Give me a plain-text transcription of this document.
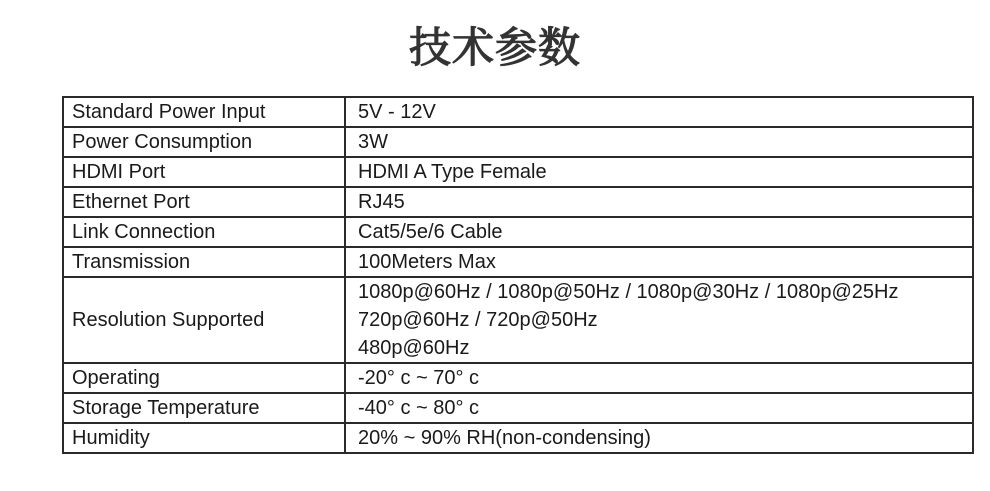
技术参数
Standard Power Input	5V - 12V
Power Consumption	3W
HDMI Port	HDMI A Type Female
Ethernet Port	RJ45
Link Connection	Cat5/5e/6 Cable
Transmission	100Meters Max
Resolution Supported	1080p@60Hz / 1080p@50Hz / 1080p@30Hz / 1080p@25Hz
720p@60Hz / 720p@50Hz
480p@60Hz

Operating	-20° c ~ 70° c
Storage Temperature	-40° c ~ 80° c
Humidity	20% ~ 90% RH(non-condensing)
